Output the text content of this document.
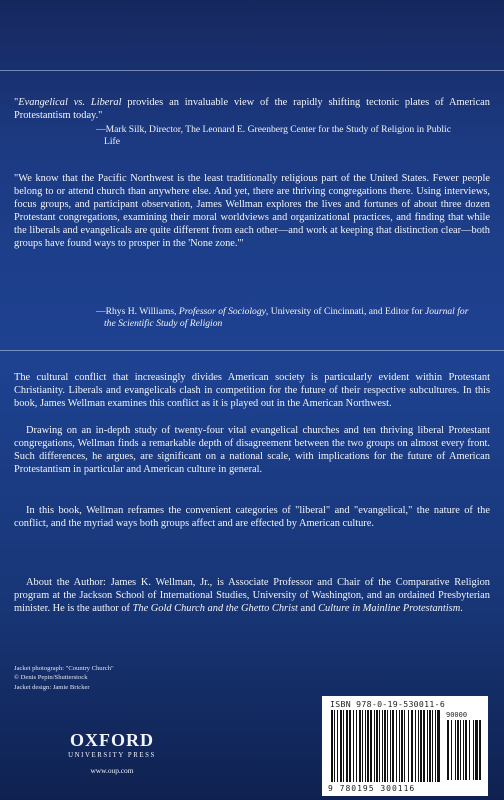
"Evangelical vs. Liberal provides an invaluable view of the rapidly shifting tectonic plates of American Protestantism today."

—Mark Silk, Director, The Leonard E. Greenberg Center for the Study of Religion in Public Life

"We know that the Pacific Northwest is the least traditionally religious part of the United States. Fewer people belong to or attend church than anywhere else. And yet, there are thriving congregations there. Using interviews, focus groups, and participant observation, James Wellman explores the lives and fortunes of about three dozen Protestant congregations, examining their moral worldviews and organizational practices, and finding that while the liberals and evangelicals are quite different from each other—and work at keeping that distinction clear—both groups have found ways to prosper in the 'None zone.'"

—Rhys H. Williams, Professor of Sociology, University of Cincinnati, and Editor for Journal for the Scientific Study of Religion

The cultural conflict that increasingly divides American society is particularly evident within Protestant Christianity. Liberals and evangelicals clash in competition for the future of their respective subcultures. In this book, James Wellman examines this conflict as it is played out in the American Northwest.

Drawing on an in-depth study of twenty-four vital evangelical churches and ten thriving liberal Protestant congregations, Wellman finds a remarkable depth of disagreement between the two groups on almost every front. Such differences, he argues, are significant on a national scale, with implications for the future of American Protestantism in particular and American culture in general.

In this book, Wellman reframes the convenient categories of "liberal" and "evangelical," the nature of the conflict, and the myriad ways both groups affect and are effected by American culture.

About the Author: James K. Wellman, Jr., is Associate Professor and Chair of the Comparative Religion program at the Jackson School of International Studies, University of Washington, and an ordained Presbyterian minister. He is the author of The Gold Church and the Ghetto Christ and Culture in Mainline Protestantism.

Jacket photograph: "Country Church"
© Denis Pepin/Shutterstock
Jacket design: Jamie Bricker
OXFORD
UNIVERSITY PRESS
www.oup.com
ISBN 978-0-19-530011-6
90000
9 780195 300116
